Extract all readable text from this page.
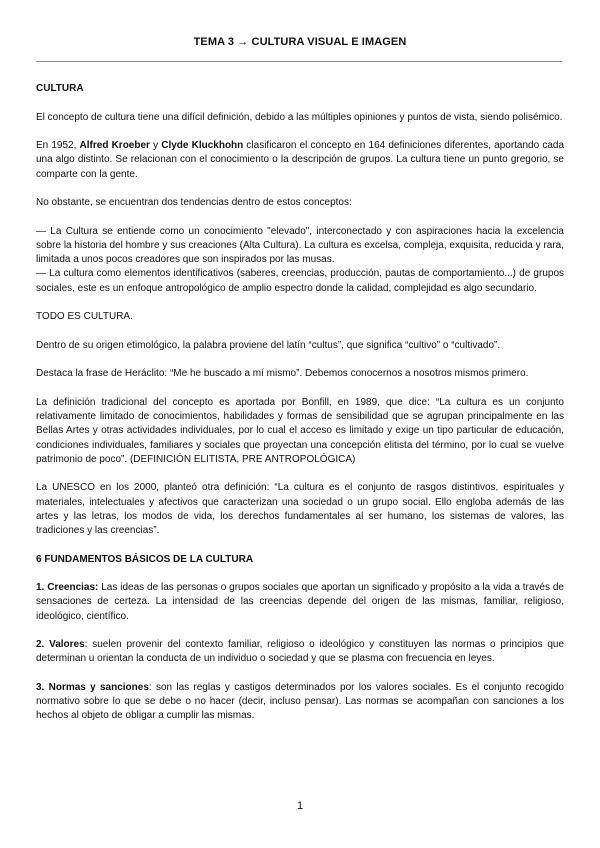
TEMA 3 → CULTURA VISUAL E IMAGEN

CULTURA

El concepto de cultura tiene una difícil definición, debido a las múltiples opiniones y puntos de vista, siendo polisémico.

En 1952, Alfred Kroeber y Clyde Kluckhohn clasificaron el concepto en 164 definiciones diferentes, aportando cada una algo distinto. Se relacionan con el conocimiento o la descripción de grupos. La cultura tiene un punto gregorio, se comparte con la gente.

No obstante, se encuentran dos tendencias dentro de estos conceptos:

— La Cultura se entiende como un conocimiento "elevado", interconectado y con aspiraciones hacia la excelencia sobre la historia del hombre y sus creaciones (Alta Cultura). La cultura es excelsa, compleja, exquisita, reducida y rara, limitada a unos pocos creadores que son inspirados por las musas.

— La cultura como elementos identificativos (saberes, creencias, producción, pautas de comportamiento...) de grupos sociales, este es un enfoque antropológico de amplio espectro donde la calidad, complejidad es algo secundario.

TODO ES CULTURA.

Dentro de su origen etimológico, la palabra proviene del latín “cultus”, que significa “cultivo” o “cultivado”.

Destaca la frase de Heráclito: “Me he buscado a mí mismo”. Debemos conocernos a nosotros mismos primero.

La definición tradicional del concepto es aportada por Bonfill, en 1989, que dice: “La cultura es un conjunto relativamente limitado de conocimientos, habilidades y formas de sensibilidad que se agrupan principalmente en las Bellas Artes y otras actividades individuales, por lo cual el acceso es limitado y exige un tipo particular de educación, condiciones individuales, familiares y sociales que proyectan una concepción elitista del término, por lo cual se vuelve patrimonio de poco”. (DEFINICIÓN ELITISTA, PRE ANTROPOLÓGICA)

La UNESCO en los 2000, planteó otra definición: “La cultura es el conjunto de rasgos distintivos, espirituales y materiales, intelectuales y afectivos que caracterizan una sociedad o un grupo social. Ello engloba además de las artes y las letras, los modos de vida, los derechos fundamentales al ser humano, los sistemas de valores, las tradiciones y las creencias”.

6 FUNDAMENTOS BÁSICOS DE LA CULTURA

1. Creencias: Las ideas de las personas o grupos sociales que aportan un significado y propósito a la vida a través de sensaciones de certeza. La intensidad de las creencias depende del origen de las mismas, familiar, religioso, ideológico, científico.

2. Valores: suelen provenir del contexto familiar, religioso o ideológico y constituyen las normas o principios que determinan u orientan la conducta de un individuo o sociedad y que se plasma con frecuencia en leyes.

3. Normas y sanciones: son las reglas y castigos determinados por los valores sociales. Es el conjunto recogido normativo sobre lo que se debe o no hacer (decir, incluso pensar). Las normas se acompañan con sanciones a los hechos al objeto de obligar a cumplir las mismas.

1
